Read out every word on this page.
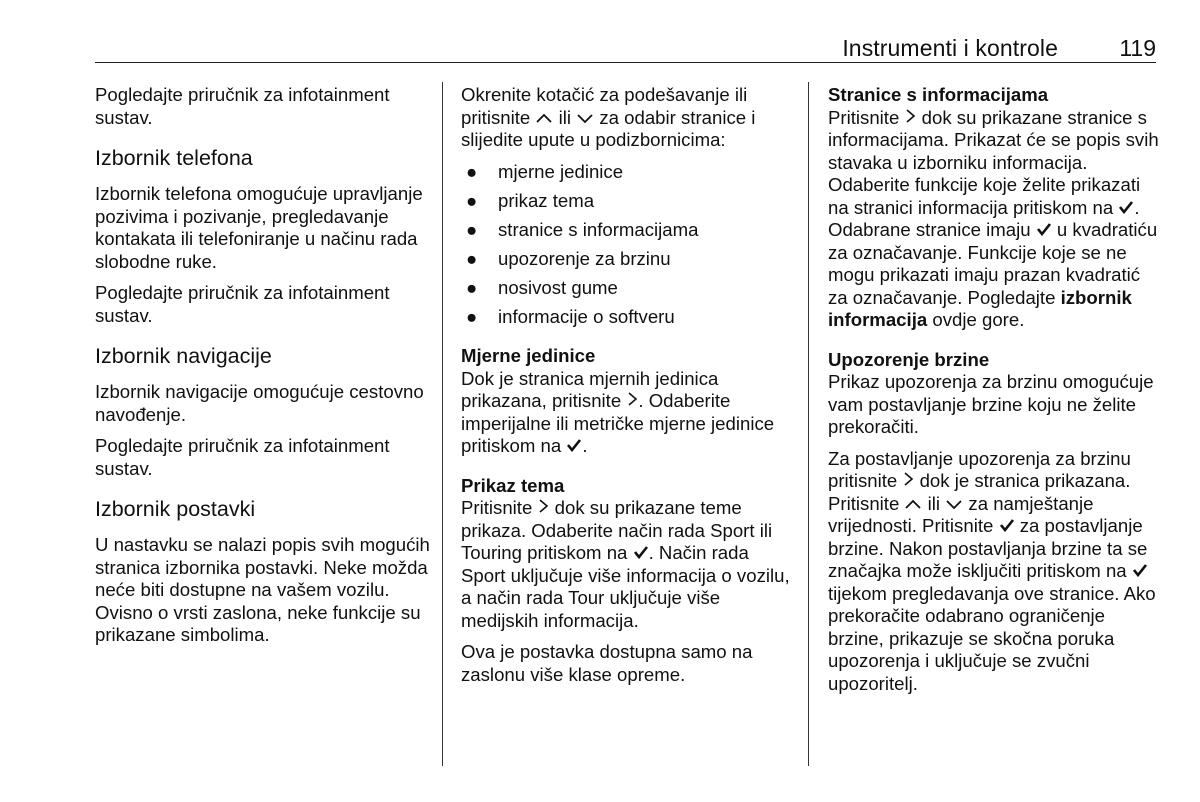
Instrumenti i kontrole	119

Pogledajte priručnik za infotainment sustav.

Izbornik telefona

Izbornik telefona omogućuje upravljanje pozivima i pozivanje, pregledavanje kontakata ili telefoniranje u načinu rada slobodne ruke.

Pogledajte priručnik za infotainment sustav.

Izbornik navigacije

Izbornik navigacije omogućuje cestovno navođenje.

Pogledajte priručnik za infotainment sustav.

Izbornik postavki

U nastavku se nalazi popis svih mogućih stranica izbornika postavki. Neke možda neće biti dostupne na vašem vozilu. Ovisno o vrsti zaslona, neke funkcije su prikazane simbolima.

Okrenite kotačić za podešavanje ili pritisnite ili za odabir stranice i slijedite upute u podizbornicima:

● mjerne jedinice
● prikaz tema
● stranice s informacijama
● upozorenje za brzinu
● nosivost gume
● informacije o softveru
Mjerne jedinice

Dok je stranica mjernih jedinica prikazana, pritisnite . Odaberite imperijalne ili metričke mjerne jedinice pritiskom na .

Prikaz tema

Pritisnite dok su prikazane teme prikaza. Odaberite način rada Sport ili Touring pritiskom na . Način rada Sport uključuje više informacija o vozilu, a način rada Tour uključuje više medijskih informacija.

Ova je postavka dostupna samo na zaslonu više klase opreme.

Stranice s informacijama

Pritisnite dok su prikazane stranice s informacijama. Prikazat će se popis svih stavaka u izborniku informacija. Odaberite funkcije koje želite prikazati na stranici informacija pritiskom na . Odabrane stranice imaju u kvadratiću za označavanje. Funkcije koje se ne mogu prikazati imaju prazan kvadratić za označavanje. Pogledajte izbornik informacija ovdje gore.

Upozorenje brzine

Prikaz upozorenja za brzinu omogućuje vam postavljanje brzine koju ne želite prekoračiti.

Za postavljanje upozorenja za brzinu pritisnite dok je stranica prikazana. Pritisnite ili za namještanje vrijednosti. Pritisnite za postavljanje brzine. Nakon postavljanja brzine ta se značajka može isključiti pritiskom na  tijekom pregledavanja ove stranice. Ako prekoračite odabrano ograničenje brzine, prikazuje se skočna poruka upozorenja i uključuje se zvučni upozoritelj.
